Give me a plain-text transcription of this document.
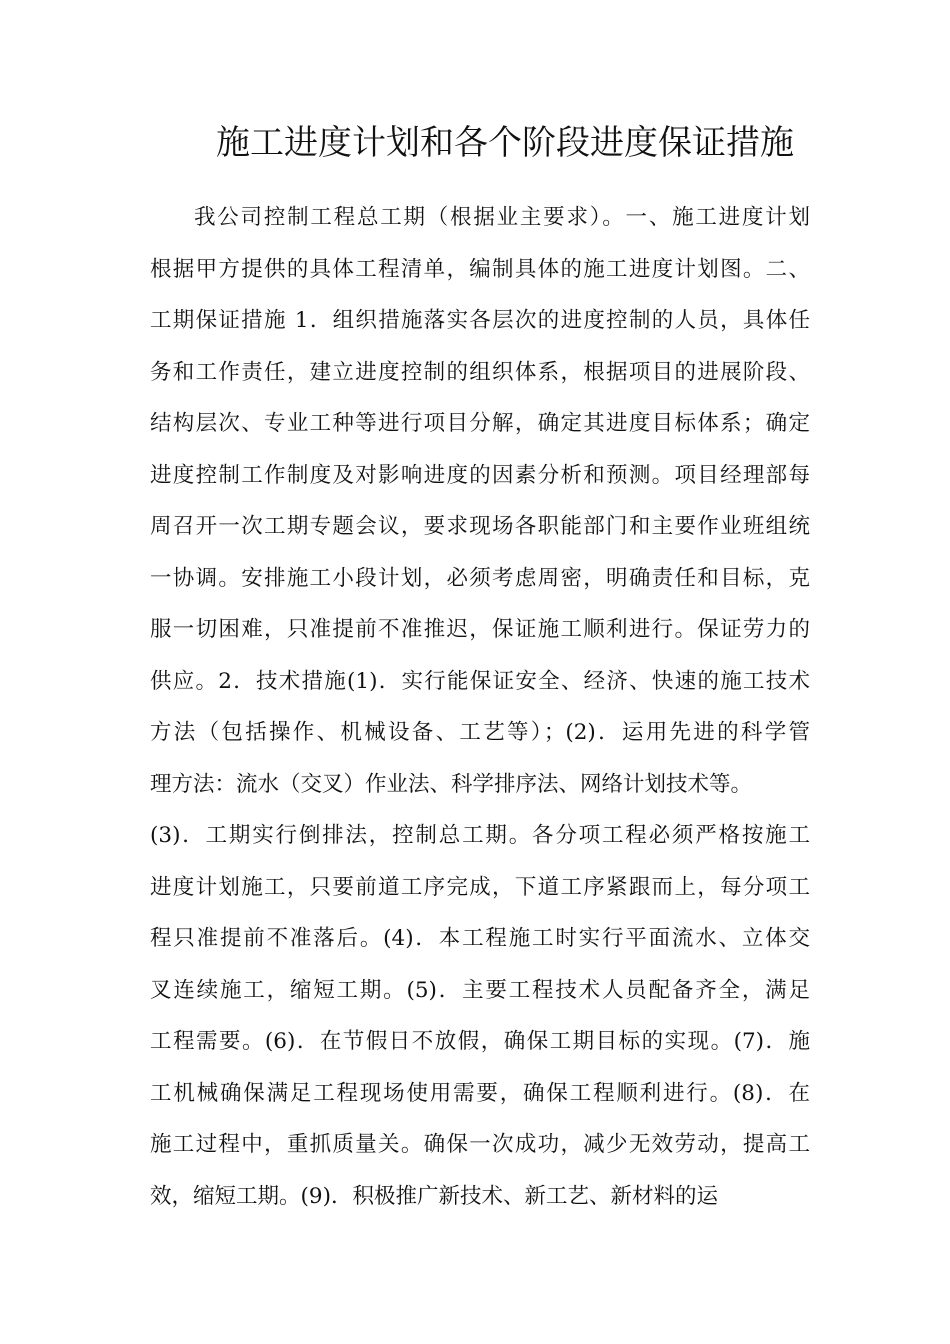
施工进度计划和各个阶段进度保证措施
我公司控制工程总工期（根据业主要求）。一、施工进度计划
根据甲方提供的具体工程清单，编制具体的施工进度计划图。二、
工期保证措施 1．组织措施落实各层次的进度控制的人员，具体任
务和工作责任，建立进度控制的组织体系，根据项目的进展阶段、
结构层次、专业工种等进行项目分解，确定其进度目标体系；确定
进度控制工作制度及对影响进度的因素分析和预测。项目经理部每
周召开一次工期专题会议，要求现场各职能部门和主要作业班组统
一协调。安排施工小段计划，必须考虑周密，明确责任和目标，克
服一切困难，只准提前不准推迟，保证施工顺利进行。保证劳力的
供应。2．技术措施(1)．实行能保证安全、经济、快速的施工技术
方法（包括操作、机械设备、工艺等）；(2)．运用先进的科学管
理方法：流水（交叉）作业法、科学排序法、网络计划技术等。
(3)．工期实行倒排法，控制总工期。各分项工程必须严格按施工
进度计划施工，只要前道工序完成，下道工序紧跟而上，每分项工
程只准提前不准落后。(4)．本工程施工时实行平面流水、立体交
叉连续施工，缩短工期。(5)．主要工程技术人员配备齐全，满足
工程需要。(6)．在节假日不放假，确保工期目标的实现。(7)．施
工机械确保满足工程现场使用需要，确保工程顺利进行。(8)．在
施工过程中，重抓质量关。确保一次成功，减少无效劳动，提高工
效，缩短工期。(9)．积极推广新技术、新工艺、新材料的运
